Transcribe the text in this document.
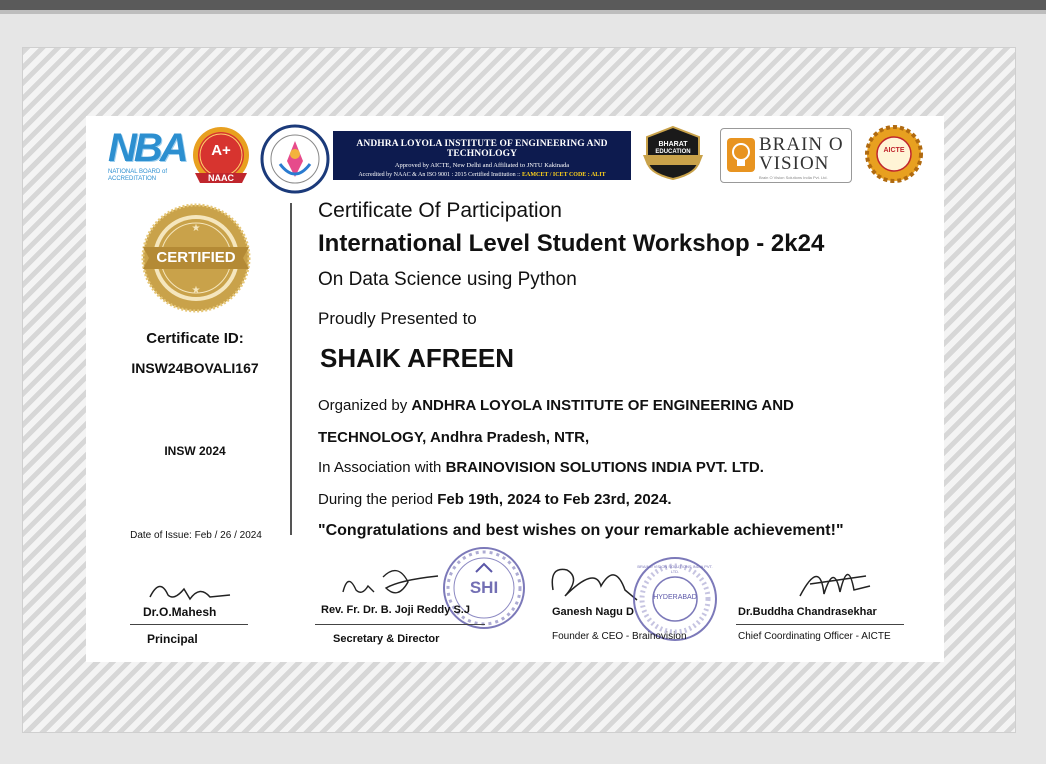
NBA
NATIONAL BOARD of ACCREDITATION
A+
NAAC
ANDHRA LOYOLA INSTITUTE OF ENGINEERING AND TECHNOLOGY
Approved by AICTE, New Delhi and Affiliated to JNTU Kakinada
Accredited by NAAC & An ISO 9001 : 2015 Certified Institution :: EAMCET / ICET CODE : ALIT
BHARAT
EDUCATION	BRAIN O
VISION
Brain O Vision Solutions India Pvt. Ltd.
AICTE
★
★
CERTIFIED
Certificate ID:
INSW24BOVALI167
INSW 2024
Date of Issue: Feb / 26 / 2024
Certificate Of Participation
International Level Student Workshop - 2k24
On Data Science using Python
Proudly Presented to
SHAIK AFREEN
Organized by ANDHRA LOYOLA INSTITUTE OF ENGINEERING AND
TECHNOLOGY, Andhra Pradesh, NTR,
In Association with BRAINOVISION SOLUTIONS INDIA PVT. LTD.
During the period Feb 19th, 2024 to Feb 23rd, 2024.
"Congratulations and best wishes on your remarkable achievement!"
SHI
HYDERABAD
BRAINO VISION SOLUTIONS INDIA PVT. LTD.
Dr.O.Mahesh
Principal
Rev. Fr. Dr. B. Joji Reddy S.J
Secretary & Director
Ganesh Nagu D
Founder & CEO - Brainovision
Dr.Buddha Chandrasekhar
Chief Coordinating Officer - AICTE
